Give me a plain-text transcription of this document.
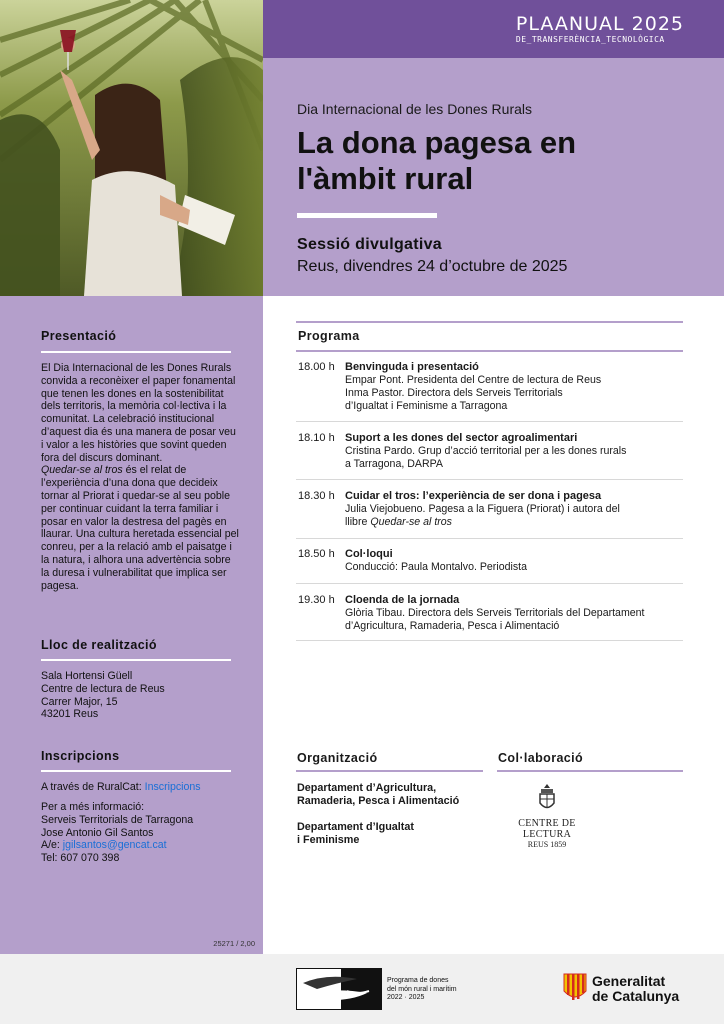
PLAANUAL 2025
DE_TRANSFERÈNCIA_TECNOLÒGICA
Dia Internacional de les Dones Rurals
La dona pagesa en
l'àmbit rural
Sessió divulgativa
Reus, divendres 24 d’octubre de 2025
Presentació

El Dia Internacional de les Dones Rurals convida a reconèixer el paper fonamental que tenen les dones en la sostenibilitat dels territoris, la memòria col·lectiva i la comunitat. La celebració institucional d’aquest dia és una manera de posar veu i valor a les històries que sovint queden fora del discurs dominant.

Quedar-se al tros és el relat de l’experiència d’una dona que decideix tornar al Priorat i quedar-se al seu poble per continuar cuidant la terra familiar i posar en valor la destresa del pagès en llaurar. Una cultura heretada essencial pel conreu, per a la relació amb el paisatge i la natura, i alhora una advertència sobre la duresa i vulnerabilitat que implica ser pagesa.

Lloc de realització
Sala Hortensi Güell
Centre de lectura de Reus
Carrer Major, 15
43201 Reus
Inscripcions
A través de RuralCat: Inscripcions
Per a més informació:
Serveis Territorials de Tarragona
Jose Antonio Gil Santos
A/e: jgilsantos@gencat.cat
Tel: 607 070 398
25271 / 2,00
Programa
18.00 h Benvinguda i presentació
Empar Pont. Presidenta del Centre de lectura de Reus
Inma Pastor. Directora dels Serveis Territorials
d’Igualtat i Feminisme a Tarragona
18.10 h Suport a les dones del sector agroalimentari
Cristina Pardo. Grup d’acció territorial per a les dones rurals
a Tarragona, DARPA
18.30 h Cuidar el tros: l’experiència de ser dona i pagesa
Julia Viejobueno. Pagesa a la Figuera (Priorat) i autora del
llibre Quedar-se al tros
18.50 h Col·loqui
Conducció: Paula Montalvo. Periodista
19.30 h Cloenda de la jornada
Glòria Tibau. Directora dels Serveis Territorials del Departament
d’Agricultura, Ramaderia, Pesca i Alimentació
Organització
Departament d’Agricultura,
Ramaderia, Pesca i Alimentació
Departament d’Igualtat
i Feminisme
Col·laboració
CENTRE DE LECTURA
REUS 1859
Programa de dones
del món rural i marítim
2022 · 2025
Generalitat
de Catalunya
